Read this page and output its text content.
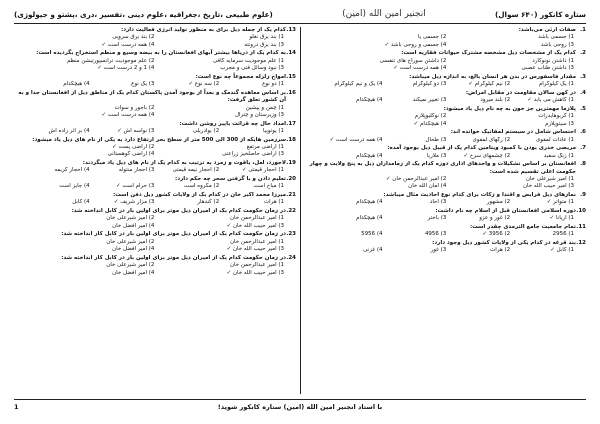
ستاره کانکور (۶۴۰ سوال)
انجنیر امین الله (امین)
(علوم طبیعی ،تاریخ ،جغرافیه ،علوم دینی ،تفسیر ،دری ،پشتو و جیولوژی)
1.
صفات ارثی می‌باشد:
1) جسمی باشد
2) جسمی یا
3) روحی باشد
4) جسمی و روحی باشد ✓
2.
کدام یک از مشخصات ذیل مشخصه مشترک حیوانات فقاریه است:
1) داشتن نوتوکارد
2) داشتن سوراخ های تنفسی
3) داشتن طناب عصبی
4) همه درست است ✓
3.
مقدار فاسفورس در بدن هر انسان بالغ، به اندازه ذیل میباشد:
1) یک کیلوگرام
2) نیم کیلوگرام ✓
3) دو کیلوگرام
4) یک و نیم کیلوگرام
4.
در کهن سالان مقاومت در مقابل امراض:
1) کاهش می یابد ✓
2) بلند میرود
3) تغییر نمیکند
4) هیچکدام
5.
پلازما مهمترین جز خون به چه نام ذیل یاد میشود:
1) کربوهایدرات
2) نوکلیوپلازم
3) سیتوپلازم
4) هیچکدام ✓
6.
احتساس شامل در سیستم لمفاتیک خوانده اند:
1) عادات لمفوی
2) رگهای لمفوی
3) طحال
4) همه درست است ✓
7.
مریضی خدری بودن با کمبود ویتامین کدام یک از قبیل ذیل بوجود آمده:
1) زنگ سفید
2) چشمهای سرخ ✓
3) ملاریا
4) هیچکدام
8.
افغانستان بر اساس تشکیلات و واحدهای اداری دوره کدام یک از زمامداران ذیل به پنج ولایت و چهار حکومت اعلی تقسیم شده است:
1) امیر شیرعلی خان
2) امیر عبدالرحمن خان ✓
3) امیر حبیب الله خان
4) امان الله خان
9.
نمازهای ذیل فرایض و اقتدا و زکات برای کدام نوع احادیث مثال میباشد:
1) متواتر ✓
2) مشهور
3) احاد
4) هیچکدام
10.
دوره اسلامی افغانستان قبل از اسلام چه نام داشت:
1) آریانا ✓
2) غور و عزو
3) باختر
4) هیچکدام
11.
تمام جامعیت جامع الترمذی چقدر است:
1) 2956
2) 3956 ✓
3) 4956
4) 5956
12.
بند قرغه در کدام یکی از ولایات کشور ذیل وجود دارد:
1) کابل ✓
2) هرات
3) غور
4) غزنی
13.
کدام یک از جمله ذیل برای به منظور تولید انرژی فعالیت دارد:
1) بند برق نغلو
2) بند برق سروبی
3) بند برق درونته
4) همه درست است ✓
14.
به کدام یک از دریاها بیشتر آبهای افغانستان را به بیضه وسیع و منظم استخراج بگردیده است:
1) علم موجودیت سرمایه کافی
2) علم موجودیت ترانسپورتیشن منظم
3) نبود وسائل فنی و مجرب
4) 1 و 2 درست است ✓
15.
امواج زلزله مجموعاً چه نوع است:
1) دو نوع
2) سه نوع ✓
3) یک نوع
4) هیچکدام
16.
بر اساس معاهده گندمک و بعداً از بوجود آمدن پاکستان کدام یک از مناطق ذیل از افغانستان جدا و به آن کشور تعلق گرفت:
1) چمن و پیشین
2) باجور و سوات
3) وزیرستان و چترال
4) همه درست است ✓
17.
امداد حال چه قرائت یاپیر روشن داشت:
1) یوتوپیا
2) بوادریلی
3) نواسه اش ✓
4) بر اثر زاده اش
18.
سرزمین هایکه از 300 الی 500 متر از سطح بحر ارتفاع دارد به یکی از نام های ذیل یاد میشود:
1) اراضی مرتفع
2) اراضی پست ✓
3) اراضی حاصلخیز زراعتی
4) اراضی کوهستانی
19.
لاجورد، لعل، یاقوت و زمرد به ترتیب به کدام یک از نام های ذیل یاد میگردند:
1) احجار قیمتی ✓
2) احجار نیمه قیمتی
3) احجار منتوله
4) احجار کریمه
20.
تعلیم دادن و با گرفتن سحر چه حکم دارد:
1) مباح است
2) مکروه است
3) حرام است ✓
4) جایز است
21.
میرزا محمد اکبر خان در کدام یک از ولایات کشور ذیل دفن است:
1) هرات
2) کندهار
3) مزار شریف ✓
4) کابل
22.
در زمان حکومت کدام یک از امیران ذیل موتر برای اولین بار در کابل انداخته شد:
1) امیر عبدالرحمن خان
2) امیر شیرعلی خان
3) امیر حبیب الله خان ✓
4) امیر افضل خان
23.
در زمان حکومت کدام یک از امیران ذیل موتر برای اولین بار در کابل کار انداخته شد:
1) امیر عبدالرحمن خان
2) امیر شیرعلی خان
3) امیر حبیب الله خان ✓
4) امیر افضل خان
24.
در زمان حکومت کدام یک از امیران ذیل موتر برای اولین بار در کابل کار انداخته شد:
1) امیر عبدالرحمن خان
2) امیر شیرعلی خان
3) امیر حبیب الله خان ✓
4) امیر افضل خان
با استاد انجنیر امین الله (امین) ستاره کانکور شوید!
1
